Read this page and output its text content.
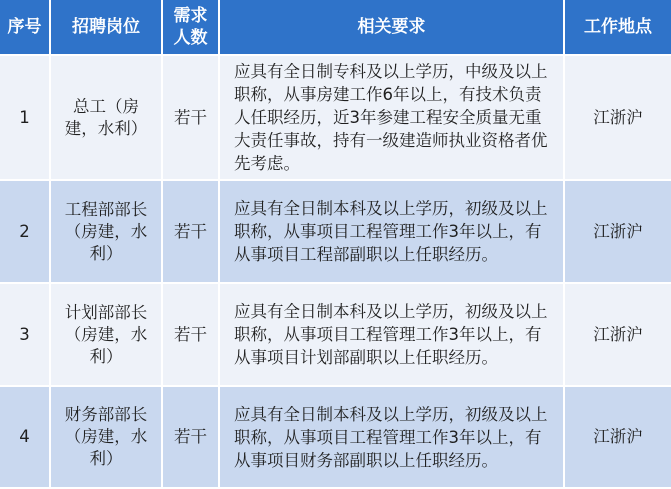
序号	招聘岗位
需求人数
相关要求	工作地点
1
总工（房建，水利）
若干
应具有全日制专科及以上学历，中级及以上职称，从事房建工作6年以上，有技术负责人任职经历，近3年参建工程安全质量无重大责任事故，持有一级建造师执业资格者优先考虑。
江浙沪
2
工程部部长（房建，水利）
若干
应具有全日制本科及以上学历，初级及以上职称，从事项目工程管理工作3年以上，有从事项目工程部副职以上任职经历。
江浙沪
3
计划部部长（房建，水利）
若干
应具有全日制本科及以上学历，初级及以上职称，从事项目工程管理工作3年以上，有从事项目计划部副职以上任职经历。
江浙沪
4
财务部部长（房建，水利）
若干
应具有全日制本科及以上学历，初级及以上职称，从事项目工程管理工作3年以上，有从事项目财务部副职以上任职经历。
江浙沪
